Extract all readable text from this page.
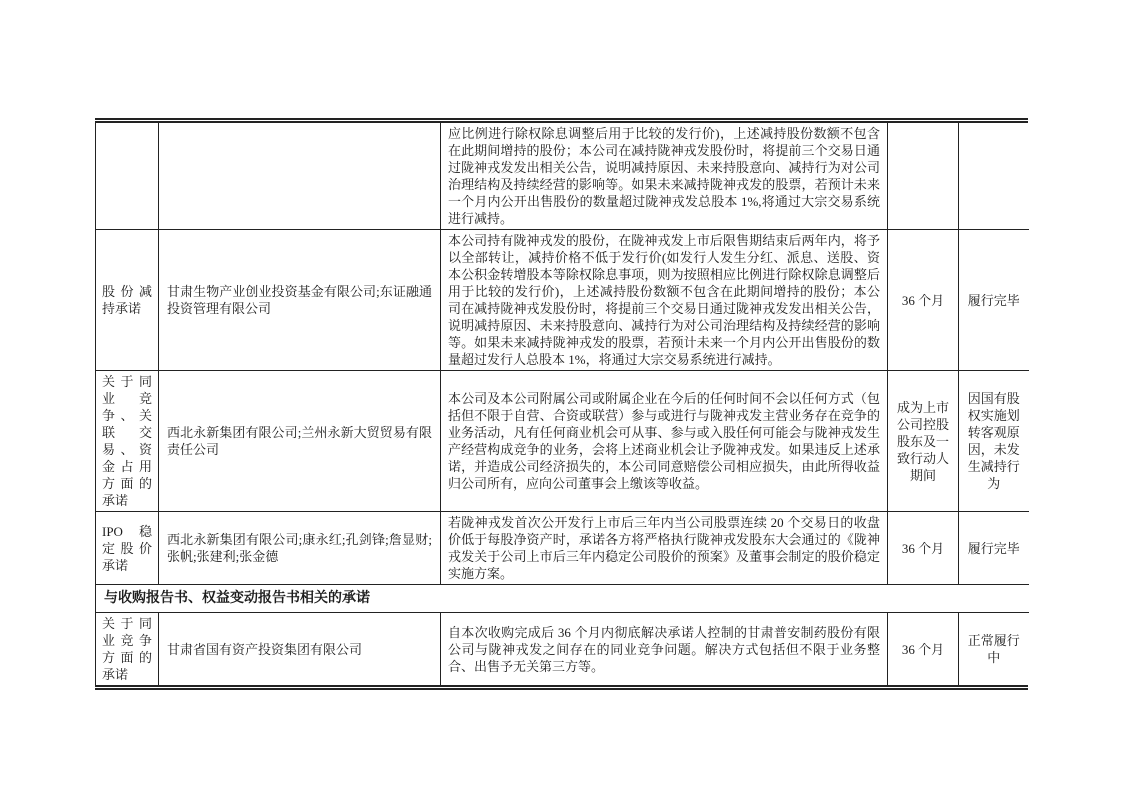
		应比例进行除权除息调整后用于比较的发行价)，上述减持股份数额不包含在此期间增持的股份；本公司在减持陇神戎发股份时，将提前三个交易日通过陇神戎发发出相关公告，说明减持原因、未来持股意向、减持行为对公司治理结构及持续经营的影响等。如果未来减持陇神戎发的股票，若预计未来一个月内公开出售股份的数量超过陇神戎发总股本 1%,将通过大宗交易系统进行减持。		
股份减持承诺	甘肃生物产业创业投资基金有限公司;东证融通投资管理有限公司	本公司持有陇神戎发的股份，在陇神戎发上市后限售期结束后两年内，将予以全部转让，减持价格不低于发行价(如发行人发生分红、派息、送股、资本公积金转增股本等除权除息事项，则为按照相应比例进行除权除息调整后用于比较的发行价)，上述减持股份数额不包含在此期间增持的股份；本公司在减持陇神戎发股份时，将提前三个交易日通过陇神戎发发出相关公告，说明减持原因、未来持股意向、减持行为对公司治理结构及持续经营的影响等。如果未来减持陇神戎发的股票，若预计未来一个月内公开出售股份的数量超过发行人总股本 1%，将通过大宗交易系统进行减持。	36 个月	履行完毕
关于同业竞争、关联交易、资金占用方面的承诺	西北永新集团有限公司;兰州永新大贸贸易有限责任公司	本公司及本公司附属公司或附属企业在今后的任何时间不会以任何方式（包括但不限于自营、合资或联营）参与或进行与陇神戎发主营业务存在竞争的业务活动，凡有任何商业机会可从事、参与或入股任何可能会与陇神戎发生产经营构成竞争的业务，会将上述商业机会让予陇神戎发。如果违反上述承诺，并造成公司经济损失的，本公司同意赔偿公司相应损失，由此所得收益归公司所有，应向公司董事会上缴该等收益。	成为上市公司控股股东及一致行动人期间	因国有股权实施划转客观原因，未发生减持行为
IPO 稳定股价承诺	西北永新集团有限公司;康永红;孔剑锋;詹显财;张帆;张建利;张金德	若陇神戎发首次公开发行上市后三年内当公司股票连续 20 个交易日的收盘价低于每股净资产时，承诺各方将严格执行陇神戎发股东大会通过的《陇神戎发关于公司上市后三年内稳定公司股价的预案》及董事会制定的股价稳定实施方案。	36 个月	履行完毕
与收购报告书、权益变动报告书相关的承诺				
关于同业竞争方面的承诺	甘肃省国有资产投资集团有限公司	自本次收购完成后 36 个月内彻底解决承诺人控制的甘肃普安制药股份有限公司与陇神戎发之间存在的同业竞争问题。解决方式包括但不限于业务整合、出售予无关第三方等。	36 个月	正常履行中
